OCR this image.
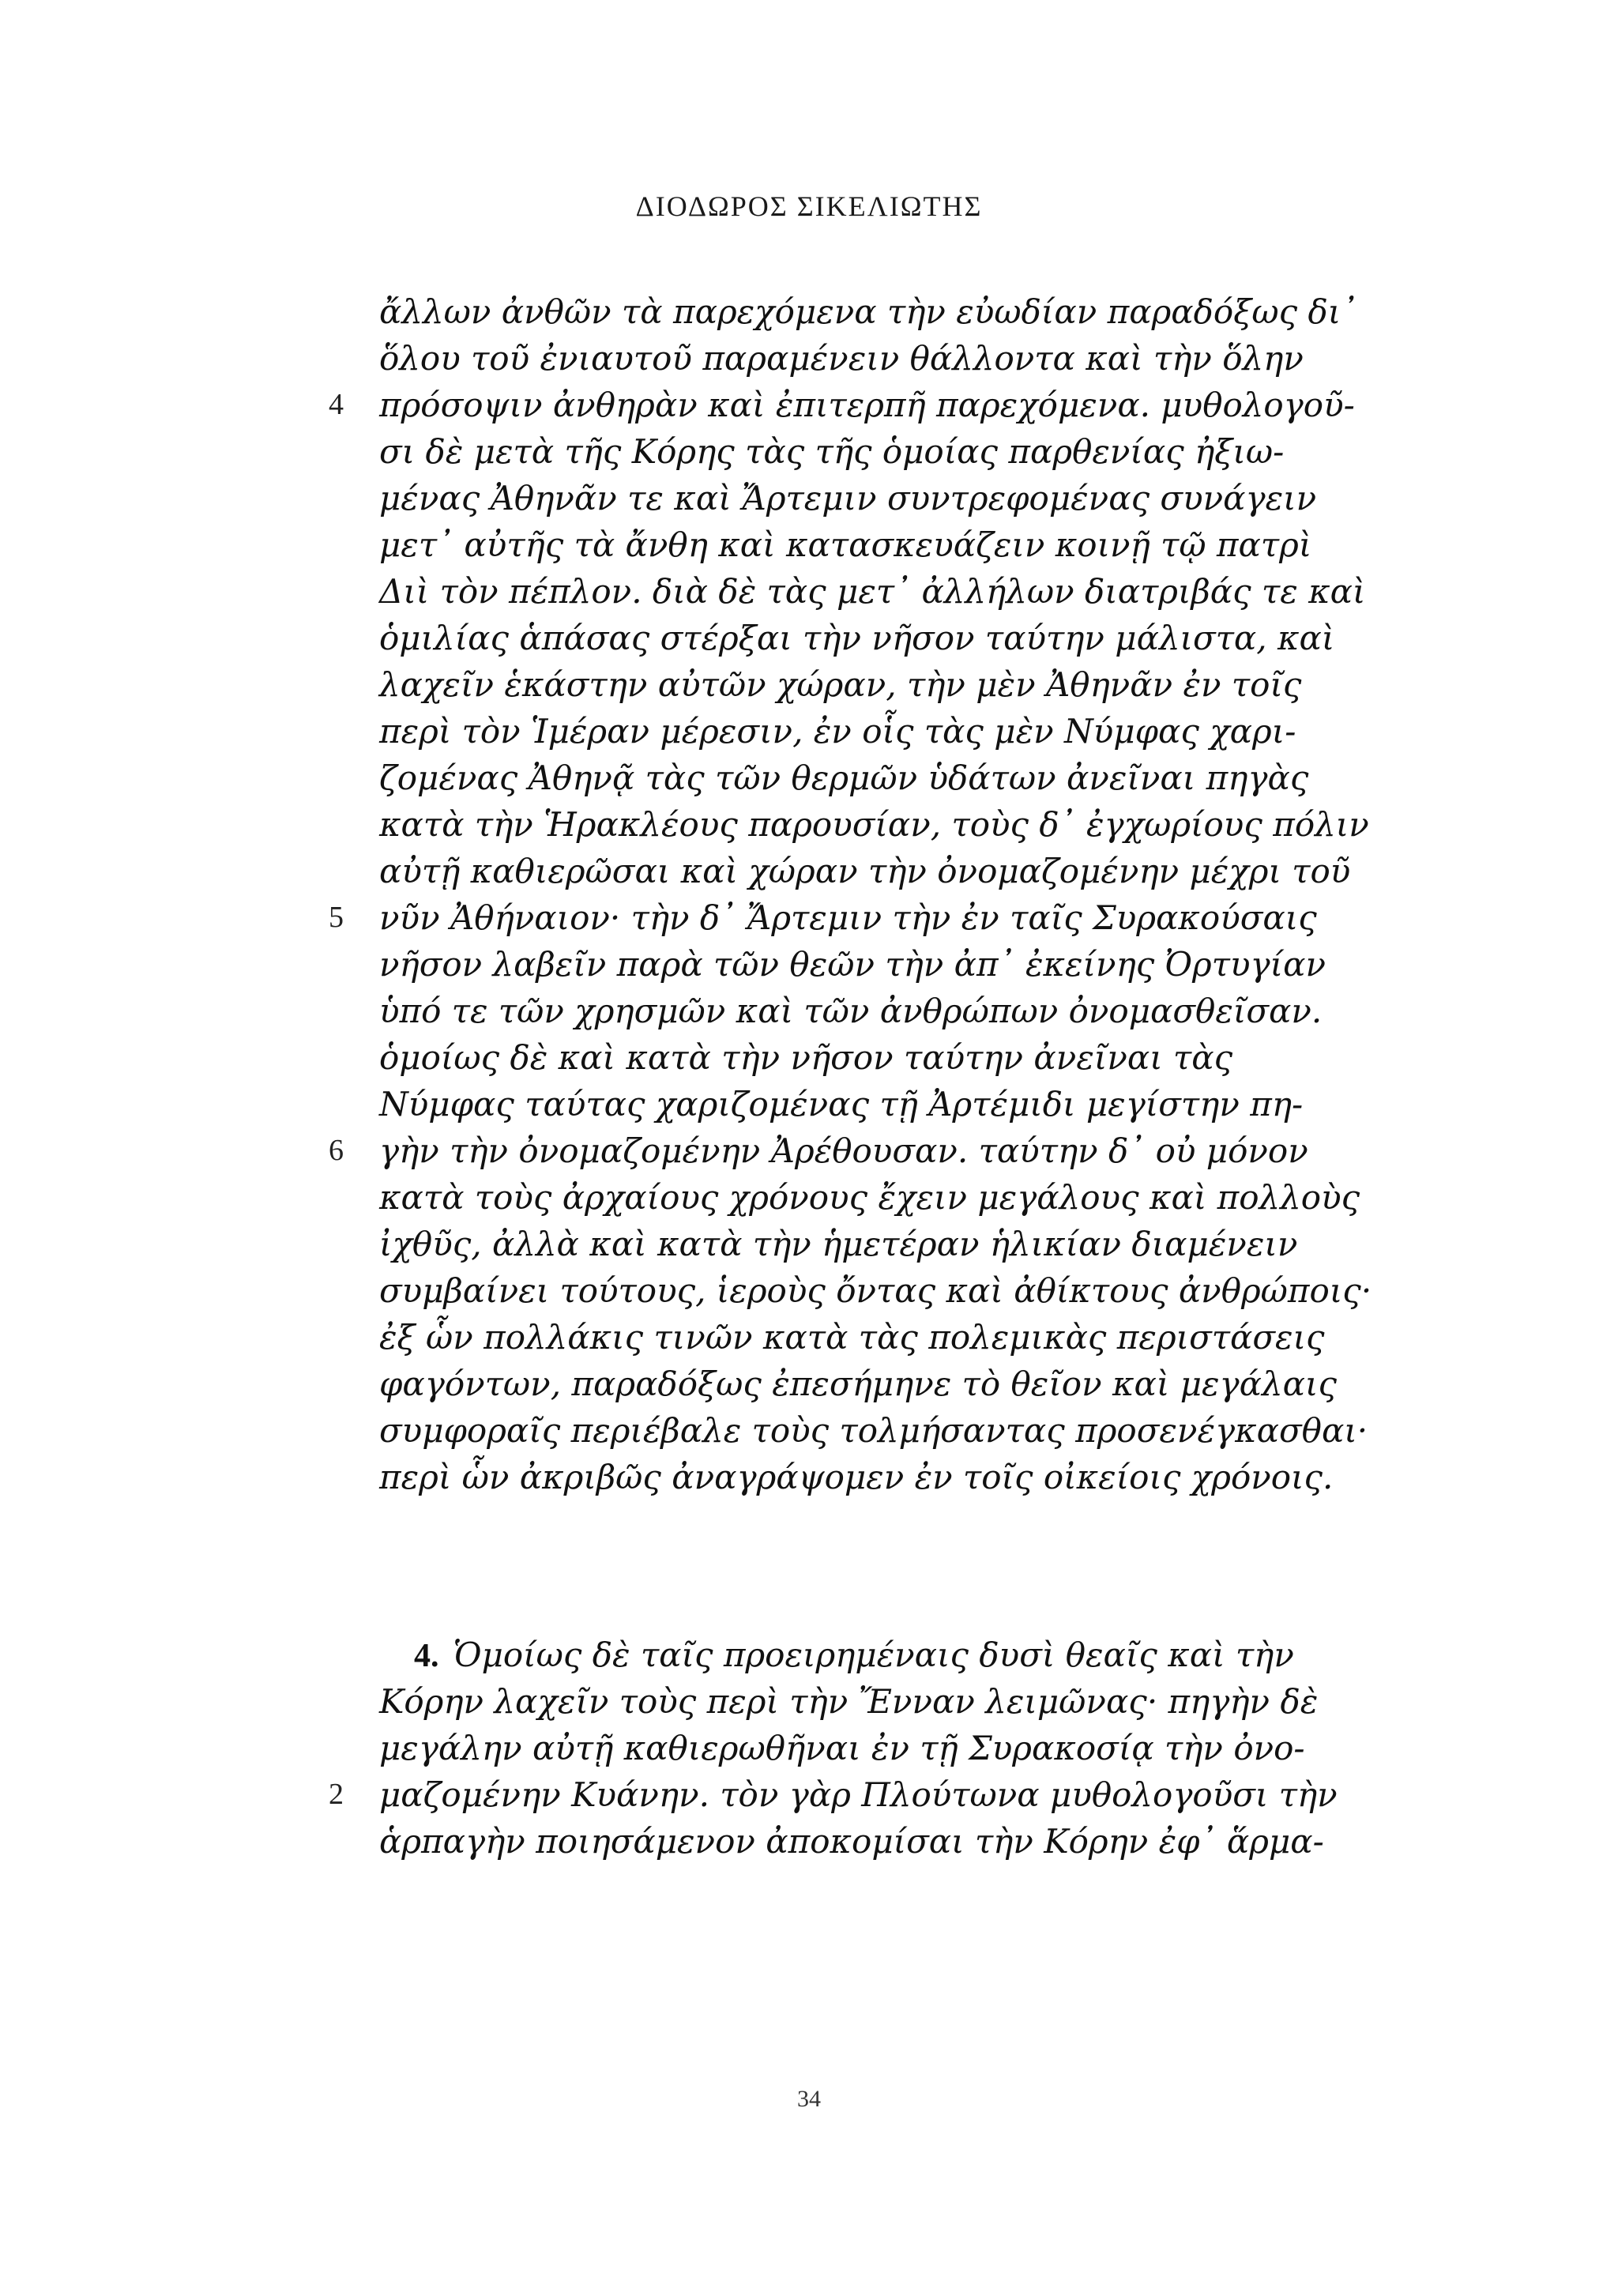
ΔΙΟΔΩΡΟΣ ΣΙΚΕΛΙΩΤΗΣ
ἄλλων ἀνθῶν τὰ παρεχόμενα τὴν εὐωδίαν παραδόξως δι᾽
ὅλου τοῦ ἐνιαυτοῦ παραμένειν θάλλοντα καὶ τὴν ὅλην
4 πρόσοψιν ἀνθηρὰν καὶ ἐπιτερπῆ παρεχόμενα. μυθολογοῦ-
σι δὲ μετὰ τῆς Κόρης τὰς τῆς ὁμοίας παρθενίας ἠξιω-
μένας Ἀθηνᾶν τε καὶ Ἄρτεμιν συντρεφομένας συνάγειν
μετ᾽ αὐτῆς τὰ ἄνθη καὶ κατασκευάζειν κοινῇ τῷ πατρὶ
Διὶ τὸν πέπλον. διὰ δὲ τὰς μετ᾽ ἀλλήλων διατριβάς τε καὶ
ὁμιλίας ἁπάσας στέρξαι τὴν νῆσον ταύτην μάλιστα, καὶ
λαχεῖν ἑκάστην αὐτῶν χώραν, τὴν μὲν Ἀθηνᾶν ἐν τοῖς
περὶ τὸν Ἱμέραν μέρεσιν, ἐν οἷς τὰς μὲν Νύμφας χαρι-
ζομένας Ἀθηνᾷ τὰς τῶν θερμῶν ὑδάτων ἀνεῖναι πηγὰς
κατὰ τὴν Ἡρακλέους παρουσίαν, τοὺς δ᾽ ἐγχωρίους πόλιν
αὐτῇ καθιερῶσαι καὶ χώραν τὴν ὀνομαζομένην μέχρι τοῦ
5 νῦν Ἀθήναιον· τὴν δ᾽ Ἄρτεμιν τὴν ἐν ταῖς Συρακούσαις
νῆσον λαβεῖν παρὰ τῶν θεῶν τὴν ἀπ᾽ ἐκείνης Ὀρτυγίαν
ὑπό τε τῶν χρησμῶν καὶ τῶν ἀνθρώπων ὀνομασθεῖσαν.
ὁμοίως δὲ καὶ κατὰ τὴν νῆσον ταύτην ἀνεῖναι τὰς
Νύμφας ταύτας χαριζομένας τῇ Ἀρτέμιδι μεγίστην πη-
6 γὴν τὴν ὀνομαζομένην Ἀρέθουσαν. ταύτην δ᾽ οὐ μόνον
κατὰ τοὺς ἀρχαίους χρόνους ἔχειν μεγάλους καὶ πολλοὺς
ἰχθῦς, ἀλλὰ καὶ κατὰ τὴν ἡμετέραν ἡλικίαν διαμένειν
συμβαίνει τούτους, ἱεροὺς ὄντας καὶ ἀθίκτους ἀνθρώποις·
ἐξ ὧν πολλάκις τινῶν κατὰ τὰς πολεμικὰς περιστάσεις
φαγόντων, παραδόξως ἐπεσήμηνε τὸ θεῖον καὶ μεγάλαις
συμφοραῖς περιέβαλε τοὺς τολμήσαντας προσενέγκασθαι·
περὶ ὧν ἀκριβῶς ἀναγράψομεν ἐν τοῖς οἰκείοις χρόνοις.
4. Ὁμοίως δὲ ταῖς προειρημέναις δυσὶ θεαῖς καὶ τὴν
Κόρην λαχεῖν τοὺς περὶ τὴν Ἔνναν λειμῶνας· πηγὴν δὲ
μεγάλην αὐτῇ καθιερωθῆναι ἐν τῇ Συρακοσίᾳ τὴν ὀνο-
2 μαζομένην Κυάνην. τὸν γὰρ Πλούτωνα μυθολογοῦσι τὴν
ἁρπαγὴν ποιησάμενον ἀποκομίσαι τὴν Κόρην ἐφ᾽ ἅρμα-
34
